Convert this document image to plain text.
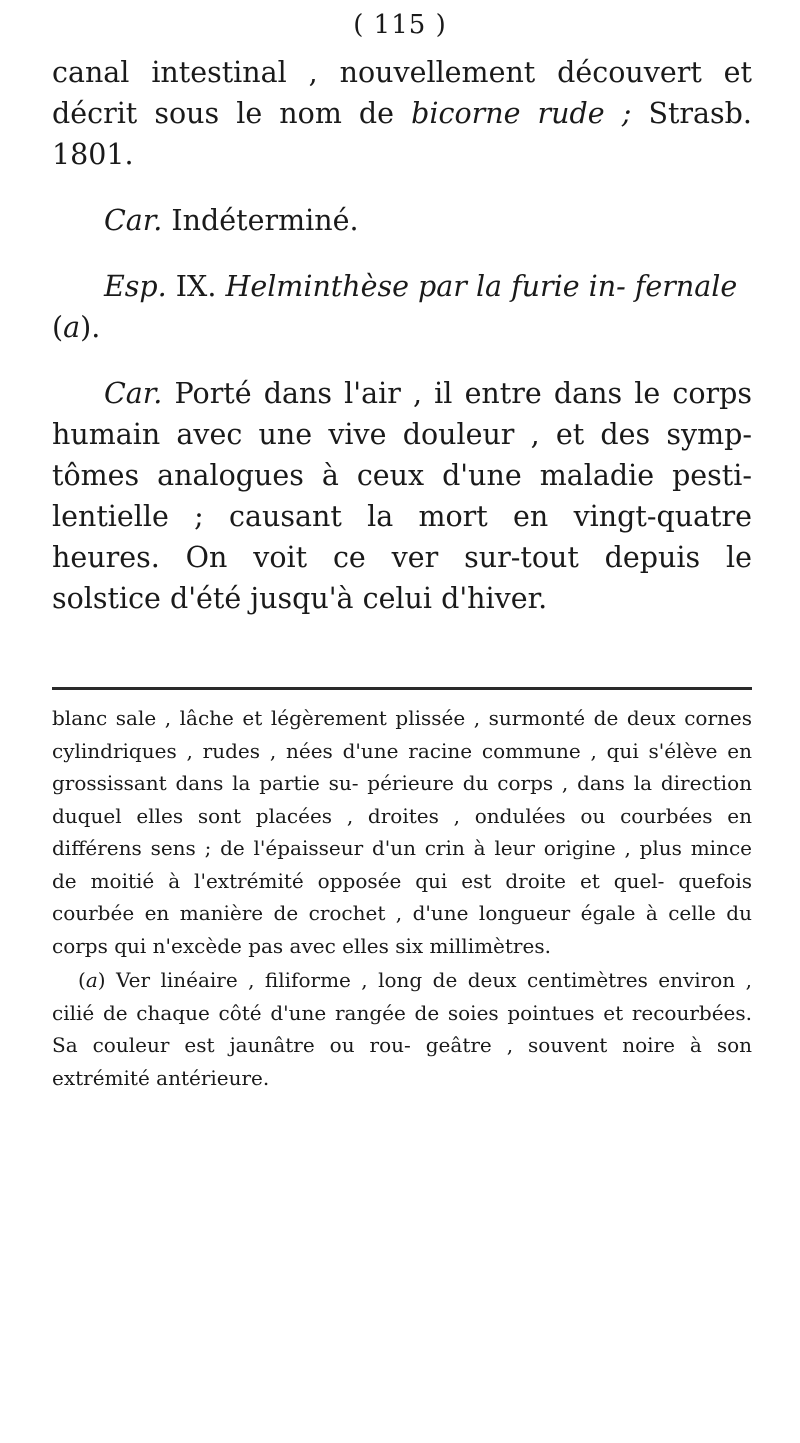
( 115 )

canal intestinal , nouvellement découvert et décrit sous le nom de bicorne rude ; Strasb. 1801.

Car. Indéterminé.

Esp. IX. Helminthèse par la furie in- fernale (a).

Car. Porté dans l'air , il entre dans le corps humain avec une vive douleur , et des symp- tômes analogues à ceux d'une maladie pesti- lentielle ; causant la mort en vingt-quatre heures. On voit ce ver sur-tout depuis le solstice d'été jusqu'à celui d'hiver.

blanc sale , lâche et légèrement plissée , surmonté de deux cornes cylindriques , rudes , nées d'une racine commune , qui s'élève en grossissant dans la partie su- périeure du corps , dans la direction duquel elles sont placées , droites , ondulées ou courbées en différens sens ; de l'épaisseur d'un crin à leur origine , plus mince de moitié à l'extrémité opposée qui est droite et quel- quefois courbée en manière de crochet , d'une longueur égale à celle du corps qui n'excède pas avec elles six millimètres.

(a) Ver linéaire , filiforme , long de deux centimètres environ , cilié de chaque côté d'une rangée de soies pointues et recourbées. Sa couleur est jaunâtre ou rou- geâtre , souvent noire à son extrémité antérieure.
